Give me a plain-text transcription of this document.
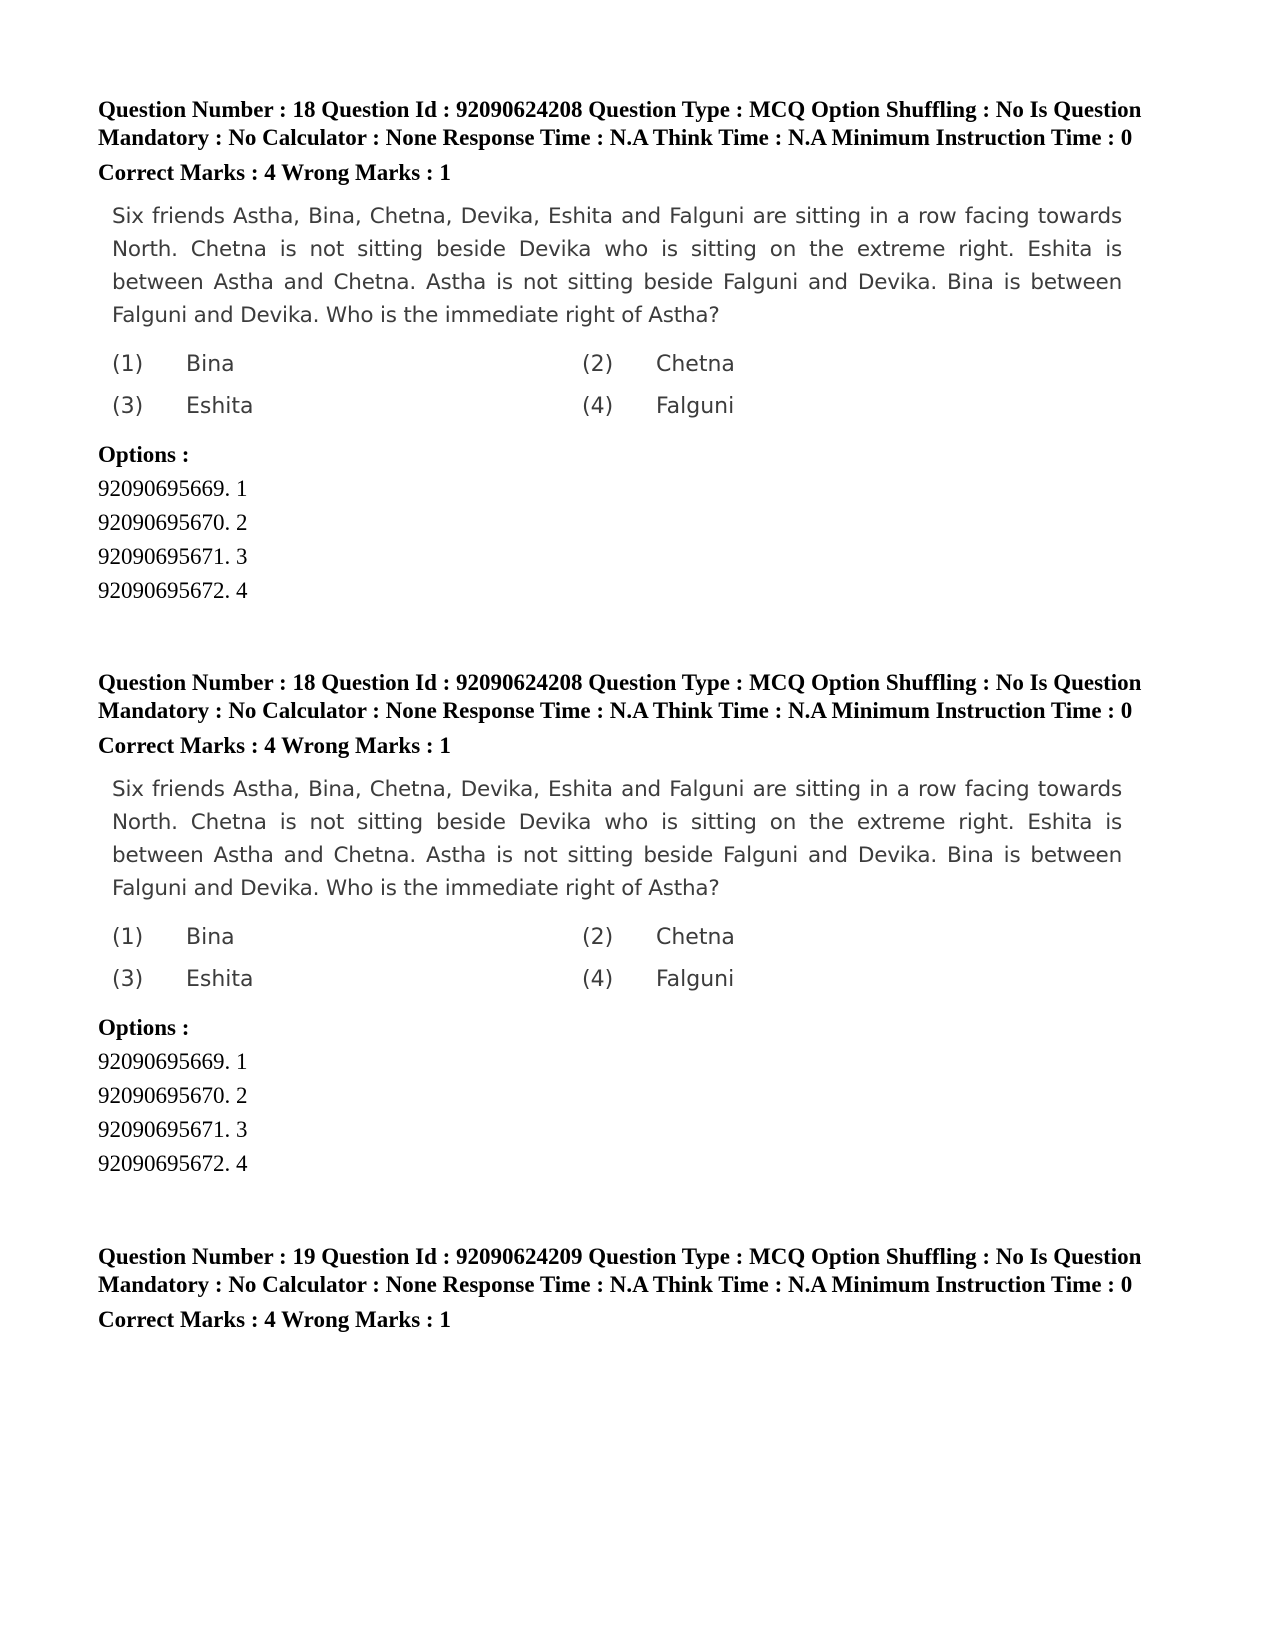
Question Number : 18 Question Id : 92090624208 Question Type : MCQ Option Shuffling : No Is Question Mandatory : No Calculator : None Response Time : N.A Think Time : N.A Minimum Instruction Time : 0

Correct Marks : 4 Wrong Marks : 1

Six friends Astha, Bina, Chetna, Devika, Eshita and Falguni are sitting in a row facing towards North. Chetna is not sitting beside Devika who is sitting on the extreme right. Eshita is between Astha and Chetna. Astha is not sitting beside Falguni and Devika. Bina is between Falguni and Devika. Who is the immediate right of Astha?

(1)	Bina	(2)	Chetna
(3)	Eshita	(4)	Falguni

Options :

92090695669. 1
92090695670. 2
92090695671. 3
92090695672. 4

Question Number : 18 Question Id : 92090624208 Question Type : MCQ Option Shuffling : No Is Question Mandatory : No Calculator : None Response Time : N.A Think Time : N.A Minimum Instruction Time : 0

Correct Marks : 4 Wrong Marks : 1

Six friends Astha, Bina, Chetna, Devika, Eshita and Falguni are sitting in a row facing towards North. Chetna is not sitting beside Devika who is sitting on the extreme right. Eshita is between Astha and Chetna. Astha is not sitting beside Falguni and Devika. Bina is between Falguni and Devika. Who is the immediate right of Astha?

(1)	Bina	(2)	Chetna
(3)	Eshita	(4)	Falguni

Options :

92090695669. 1
92090695670. 2
92090695671. 3
92090695672. 4

Question Number : 19 Question Id : 92090624209 Question Type : MCQ Option Shuffling : No Is Question Mandatory : No Calculator : None Response Time : N.A Think Time : N.A Minimum Instruction Time : 0

Correct Marks : 4 Wrong Marks : 1
